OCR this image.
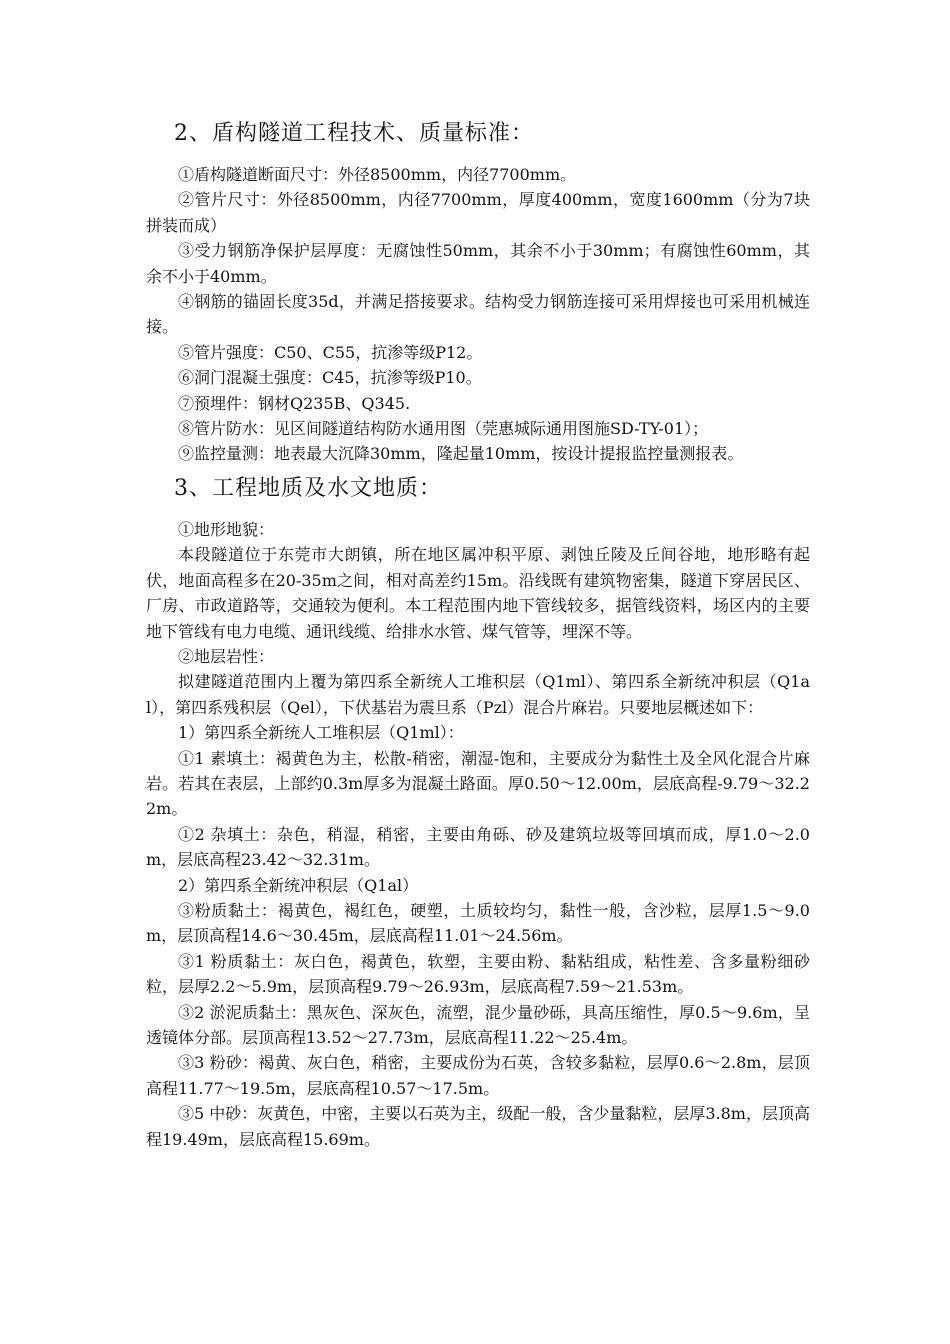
2、盾构隧道工程技术、质量标准：

①盾构隧道断面尺寸：外径8500mm，内径7700mm。

②管片尺寸：外径8500mm，内径7700mm，厚度400mm，宽度1600mm（分为7块拼装而成）

③受力钢筋净保护层厚度：无腐蚀性50mm，其余不小于30mm；有腐蚀性60mm，其余不小于40mm。

④钢筋的锚固长度35d，并满足搭接要求。结构受力钢筋连接可采用焊接也可采用机械连接。

⑤管片强度：C50、C55，抗渗等级P12。

⑥洞门混凝土强度：C45，抗渗等级P10。

⑦预埋件：钢材Q235B、Q345.

⑧管片防水：见区间隧道结构防水通用图（莞惠城际通用图施SD-TY-01）；

⑨监控量测：地表最大沉降30mm，隆起量10mm，按设计提报监控量测报表。

3、工程地质及水文地质：

①地形地貌：

本段隧道位于东莞市大朗镇，所在地区属冲积平原、剥蚀丘陵及丘间谷地，地形略有起伏，地面高程多在20-35m之间，相对高差约15m。沿线既有建筑物密集，隧道下穿居民区、厂房、市政道路等，交通较为便利。本工程范围内地下管线较多，据管线资料，场区内的主要地下管线有电力电缆、通讯线缆、给排水水管、煤气管等，埋深不等。

②地层岩性：

拟建隧道范围内上覆为第四系全新统人工堆积层（Q1ml）、第四系全新统冲积层（Q1al），第四系残积层（Qel），下伏基岩为震旦系（Pzl）混合片麻岩。只要地层概述如下：

1）第四系全新统人工堆积层（Q1ml）：

①1 素填土：褐黄色为主，松散-稍密，潮湿-饱和，主要成分为黏性土及全风化混合片麻岩。若其在表层，上部约0.3m厚多为混凝土路面。厚0.50～12.00m，层底高程-9.79～32.22m。

①2 杂填土：杂色，稍湿，稍密，主要由角砾、砂及建筑垃圾等回填而成，厚1.0～2.0m，层底高程23.42～32.31m。

2）第四系全新统冲积层（Q1al）

③粉质黏土：褐黄色，褐红色，硬塑，土质较均匀，黏性一般，含沙粒，层厚1.5～9.0m，层顶高程14.6～30.45m，层底高程11.01～24.56m。

③1 粉质黏土：灰白色，褐黄色，软塑，主要由粉、黏粘组成，粘性差、含多量粉细砂粒，层厚2.2～5.9m，层顶高程9.79～26.93m，层底高程7.59～21.53m。

③2 淤泥质黏土：黑灰色、深灰色，流塑，混少量砂砾，具高压缩性，厚0.5～9.6m，呈透镜体分部。层顶高程13.52～27.73m，层底高程11.22～25.4m。

③3 粉砂：褐黄、灰白色，稍密，主要成份为石英，含较多黏粒，层厚0.6～2.8m，层顶高程11.77～19.5m，层底高程10.57～17.5m。

③5 中砂：灰黄色，中密，主要以石英为主，级配一般，含少量黏粒，层厚3.8m，层顶高程19.49m，层底高程15.69m。
